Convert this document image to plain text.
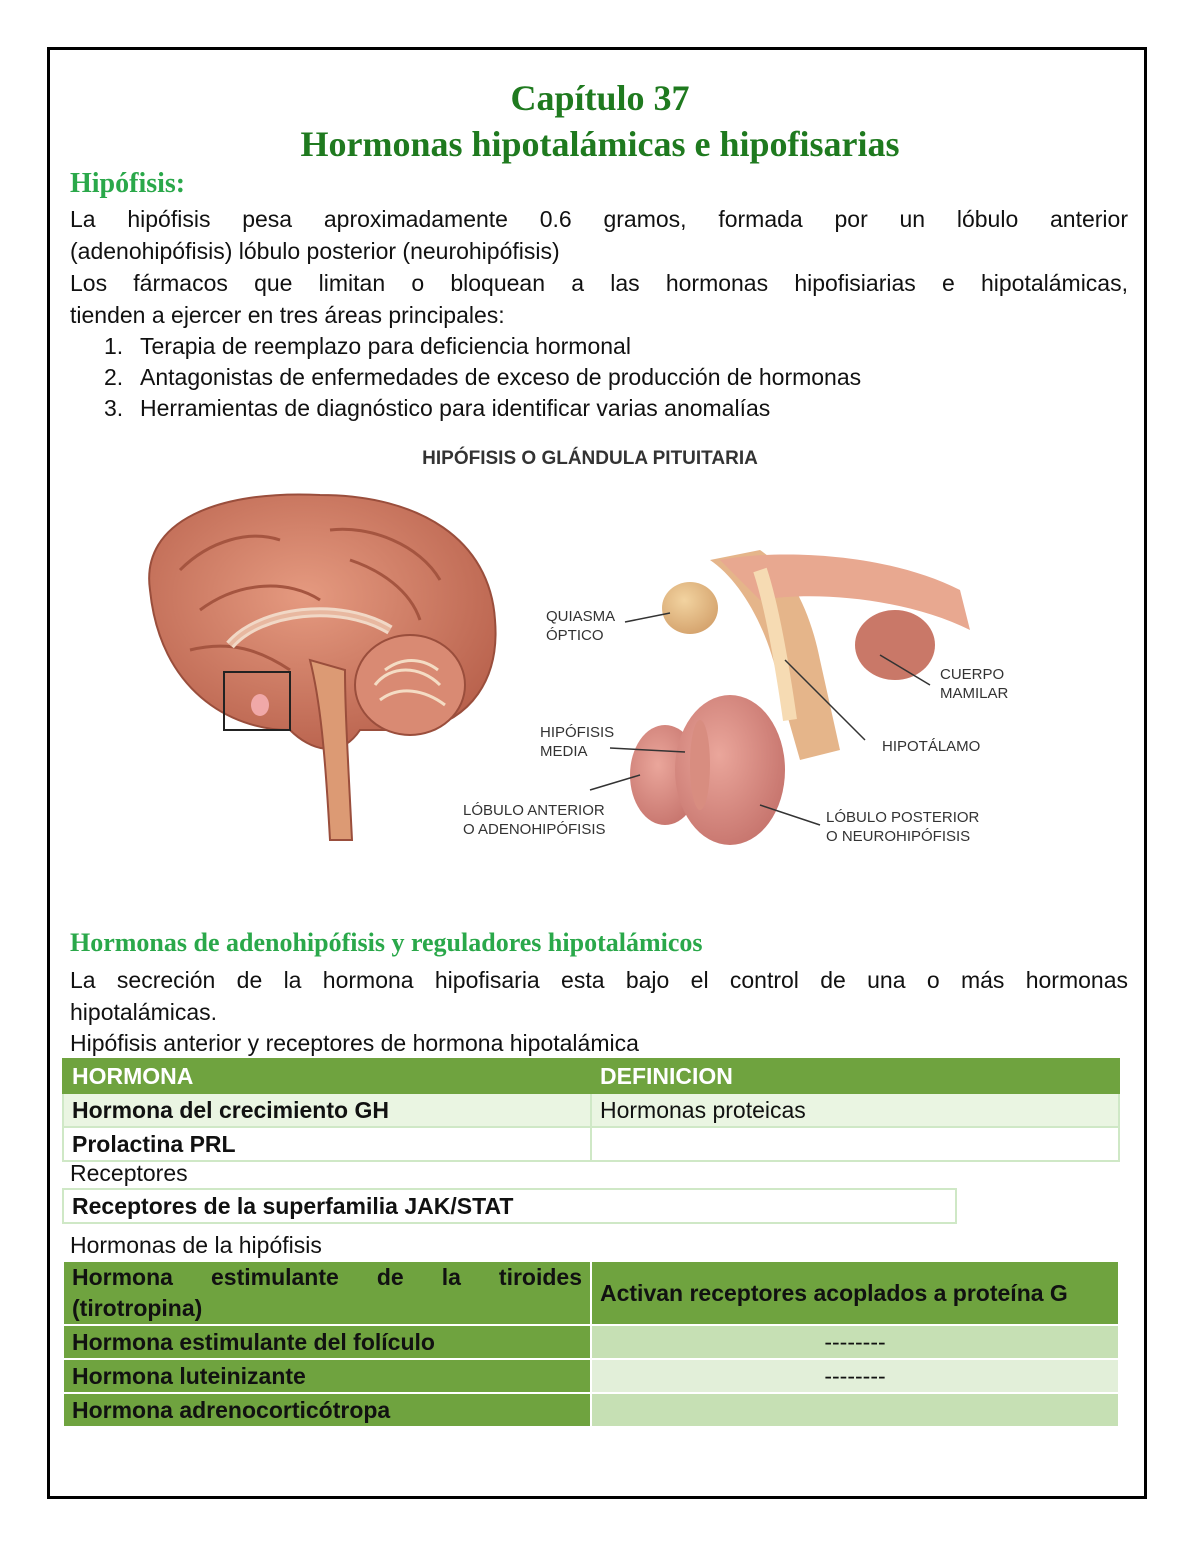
Capítulo 37
Hormonas hipotalámicas e hipofisarias
Hipófisis:
La hipófisis pesa aproximadamente 0.6 gramos, formada por un lóbulo anterior
(adenohipófisis) lóbulo posterior (neurohipófisis)
Los fármacos que limitan o bloquean a las hormonas hipofisiarias e hipotalámicas,
tienden a ejercer en tres áreas principales:
1. Terapia de reemplazo para deficiencia hormonal
2. Antagonistas de enfermedades de exceso de producción de hormonas
3. Herramientas de diagnóstico para identificar varias anomalías
HIPÓFISIS O GLÁNDULA PITUITARIA
QUIASMA
ÓPTICO
CUERPO
MAMILAR
HIPÓFISIS
MEDIA	HIPOTÁLAMO
LÓBULO ANTERIOR
O ADENOHIPÓFISIS
LÓBULO POSTERIOR
O NEUROHIPÓFISIS
Hormonas de adenohipófisis y reguladores hipotalámicos
La secreción de la hormona hipofisaria esta bajo el control de una o más hormonas
hipotalámicas.
Hipófisis anterior y receptores de hormona hipotalámica
HORMONA	DEFINICION
Hormona del crecimiento GH	Hormonas proteicas
Prolactina PRL	
Receptores
Receptores de la superfamilia JAK/STAT
Hormonas de la hipófisis
Hormona estimulante de la tiroides (tirotropina)	Activan receptores acoplados a proteína G
Hormona estimulante del folículo	--------
Hormona luteinizante	--------
Hormona adrenocorticótropa	
